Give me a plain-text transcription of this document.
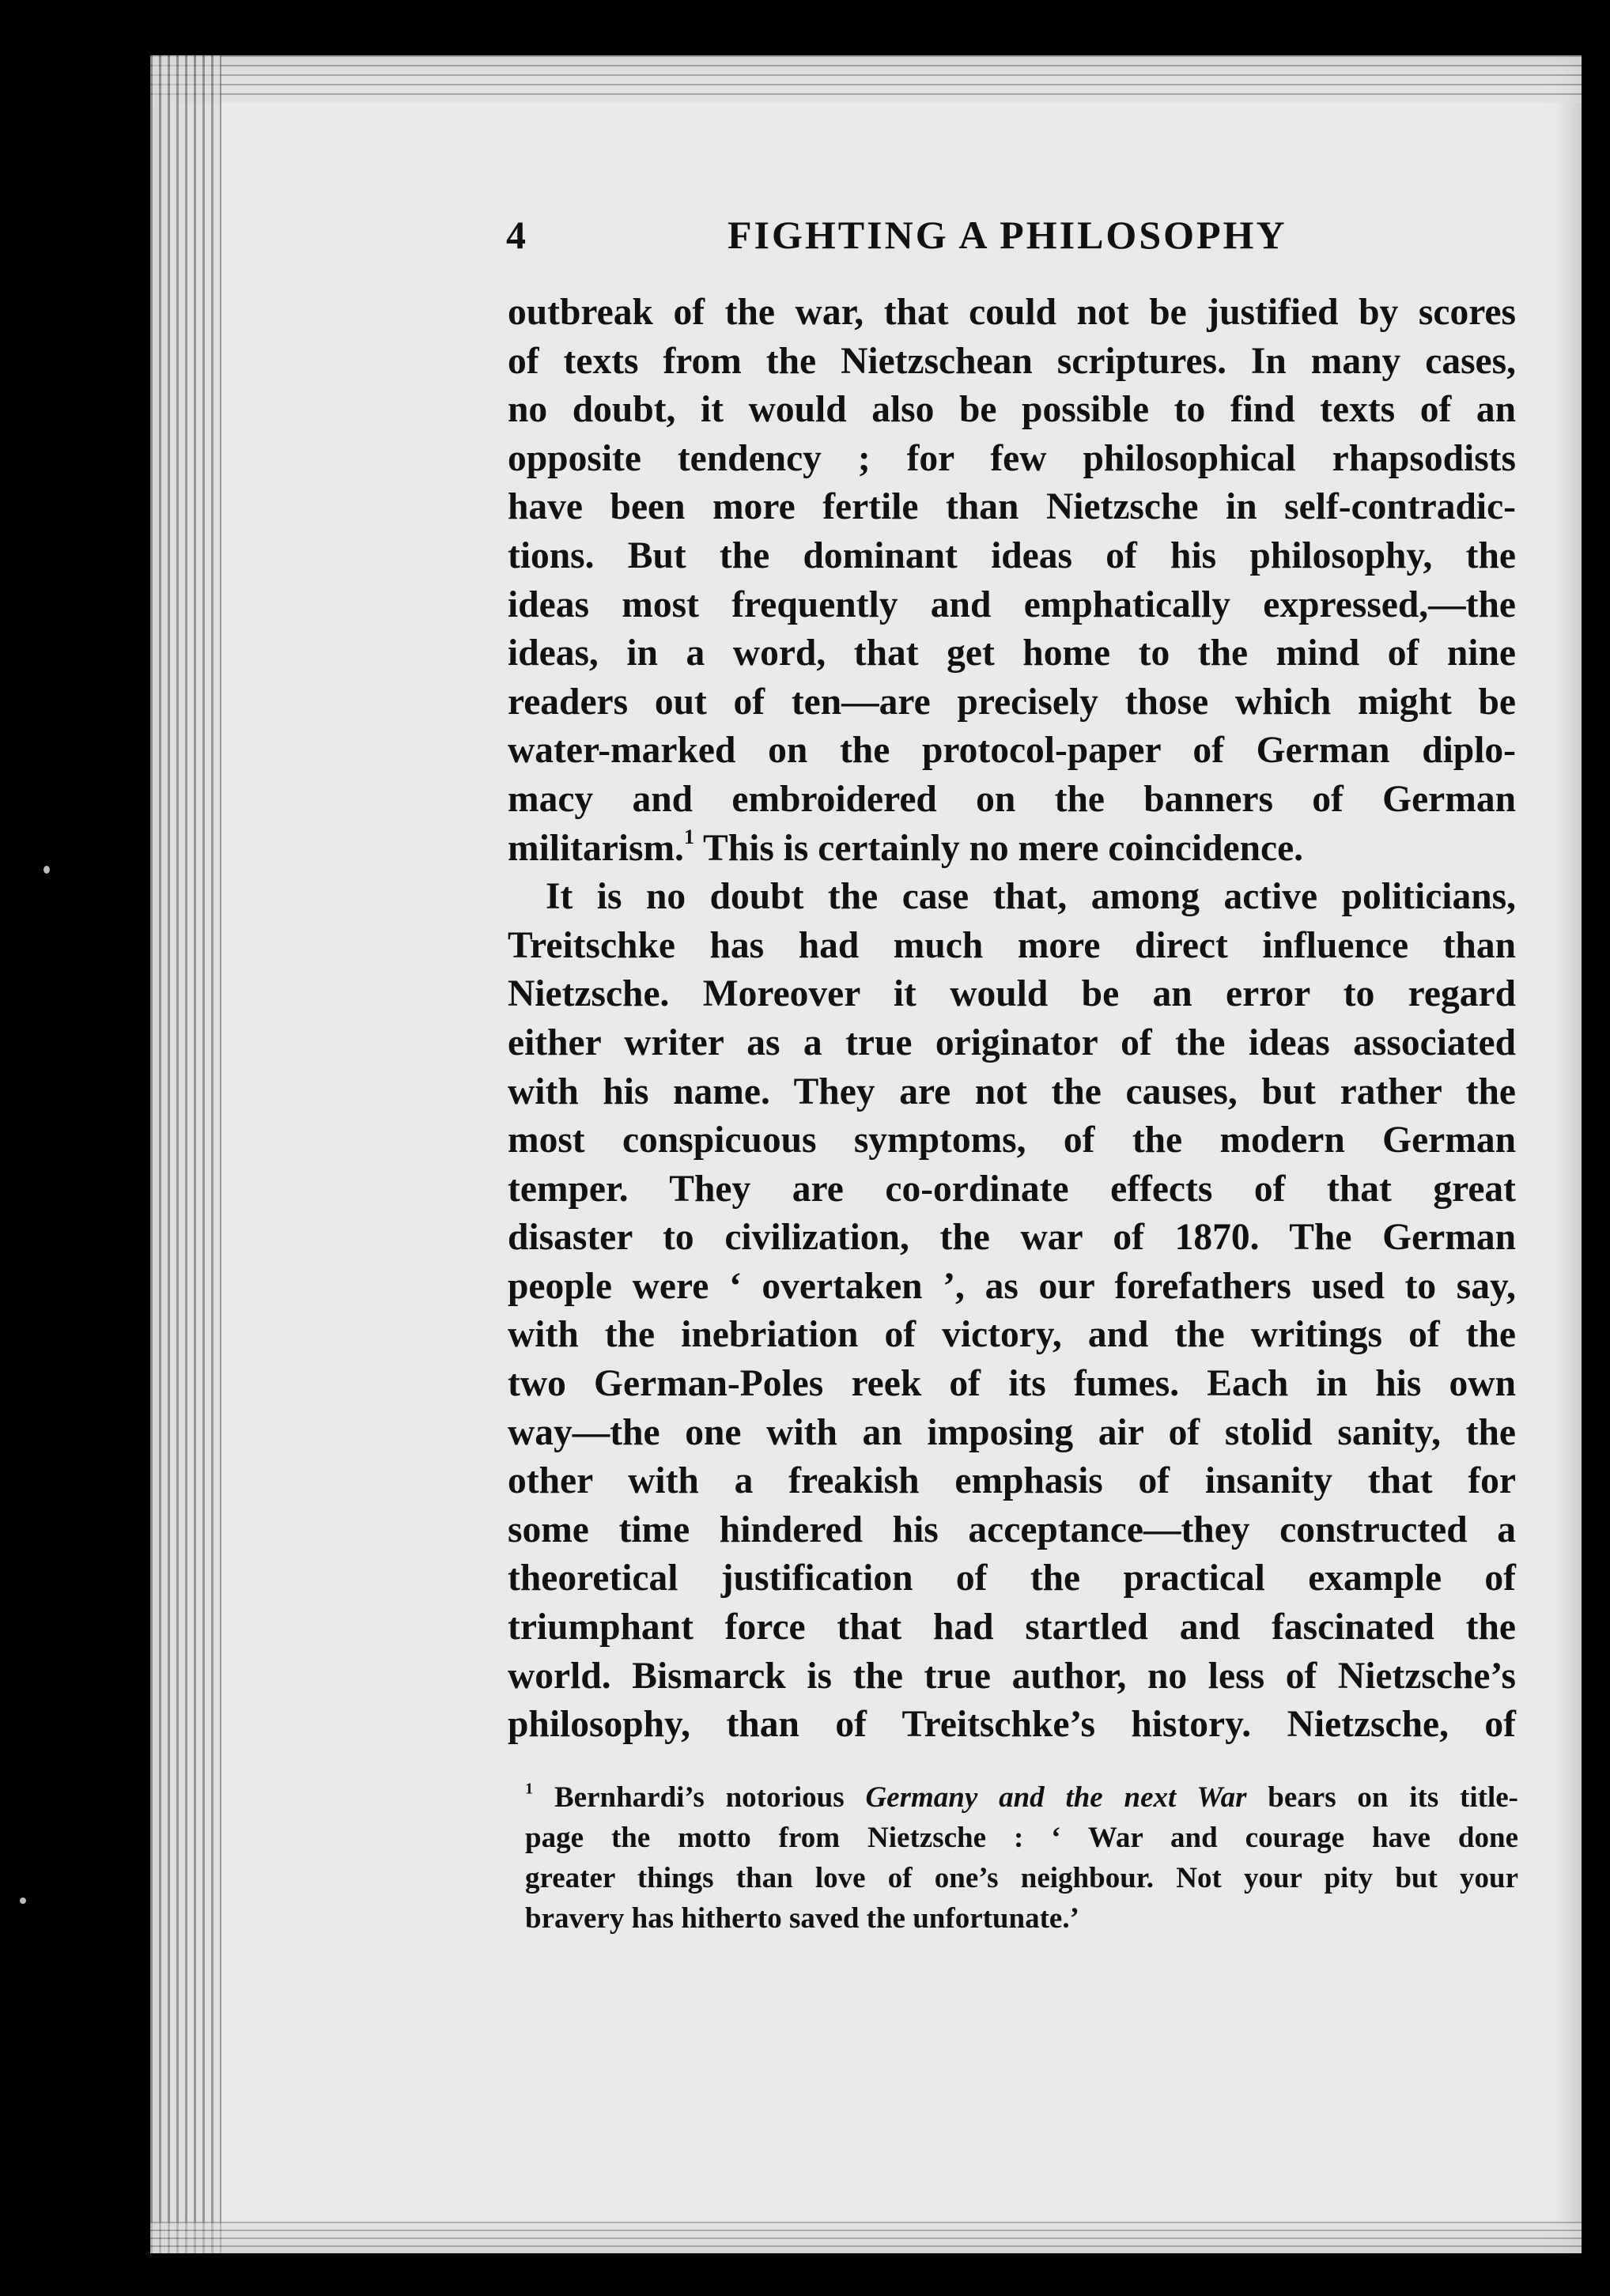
4	FIGHTING A PHILOSOPHY
outbreak of the war, that could not be justified by scores
of texts from the Nietzschean scriptures. In many cases,
no doubt, it would also be possible to find texts of an
opposite tendency ; for few philosophical rhapsodists
have been more fertile than Nietzsche in self-contradic-
tions. But the dominant ideas of his philosophy, the
ideas most frequently and emphatically expressed,—the
ideas, in a word, that get home to the mind of nine
readers out of ten—are precisely those which might be
water-marked on the protocol-paper of German diplo-
macy and embroidered on the banners of German
militarism.$^1$ This is certainly no mere coincidence.
It is no doubt the case that, among active politicians,
Treitschke has had much more direct influence than
Nietzsche. Moreover it would be an error to regard
either writer as a true originator of the ideas associated
with his name. They are not the causes, but rather the
most conspicuous symptoms, of the modern German
temper. They are co-ordinate effects of that great
disaster to civilization, the war of 1870. The German
people were ‘ overtaken ’, as our forefathers used to say,
with the inebriation of victory, and the writings of the
two German-Poles reek of its fumes. Each in his own
way—the one with an imposing air of stolid sanity, the
other with a freakish emphasis of insanity that for
some time hindered his acceptance—they constructed a
theoretical justification of the practical example of
triumphant force that had startled and fascinated the
world. Bismarck is the true author, no less of Nietzsche’s
philosophy, than of Treitschke’s history. Nietzsche, of
$^1$ Bernhardi’s notorious Germany and the next War bears on its title-
page the motto from Nietzsche : ‘ War and courage have done
greater things than love of one’s neighbour. Not your pity but your
bravery has hitherto saved the unfortunate.’
